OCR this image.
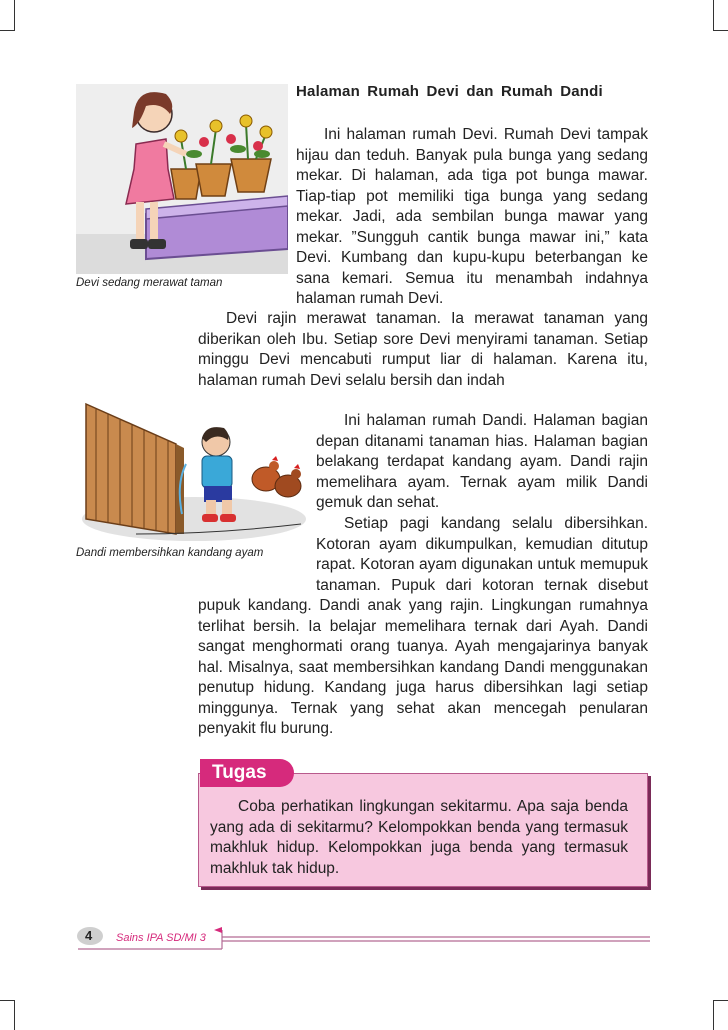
Halaman Rumah Devi dan Rumah Dandi
Devi sedang merawat taman

Ini halaman rumah Devi. Rumah Devi tampak hijau dan teduh. Banyak pula bunga yang sedang mekar. Di halaman, ada tiga pot bunga mawar. Tiap-tiap pot memiliki tiga bunga yang sedang mekar. Jadi, ada sembilan bunga mawar yang mekar. ”Sungguh cantik bunga mawar ini,” kata Devi. Kumbang dan kupu-kupu beterbangan ke sana kemari. Semua itu menambah indahnya halaman rumah Devi.

Devi rajin merawat tanaman. Ia merawat tanaman yang diberikan oleh Ibu. Setiap sore Devi menyirami tanaman. Setiap minggu Devi mencabuti rumput liar di halaman. Karena itu, halaman rumah Devi selalu bersih dan indah

Dandi membersihkan kandang ayam

Ini halaman rumah Dandi. Halaman bagian depan ditanami tanaman hias. Halaman bagian belakang terdapat kandang ayam. Dandi rajin memelihara ayam. Ternak ayam milik Dandi gemuk dan sehat.

Setiap pagi kandang selalu dibersihkan. Kotoran ayam dikumpulkan, kemudian ditutup rapat. Kotoran ayam digunakan untuk memupuk tanaman. Pupuk dari kotoran ternak disebut pupuk kandang. Dandi anak yang rajin. Lingkungan rumahnya terlihat bersih. Ia belajar memelihara ternak dari Ayah. Dandi sangat menghormati orang tuanya. Ayah mengajarinya banyak hal. Misalnya, saat membersihkan kandang Dandi menggunakan penutup hidung. Kandang juga harus dibersihkan lagi setiap minggunya. Ternak yang sehat akan mencegah penularan penyakit flu burung.

Tugas

Coba perhatikan lingkungan sekitarmu. Apa saja benda yang ada di sekitarmu? Kelompokkan benda yang termasuk makhluk hidup. Kelompokkan juga benda yang termasuk makhluk tak hidup.

4 Sains IPA SD/MI 3
